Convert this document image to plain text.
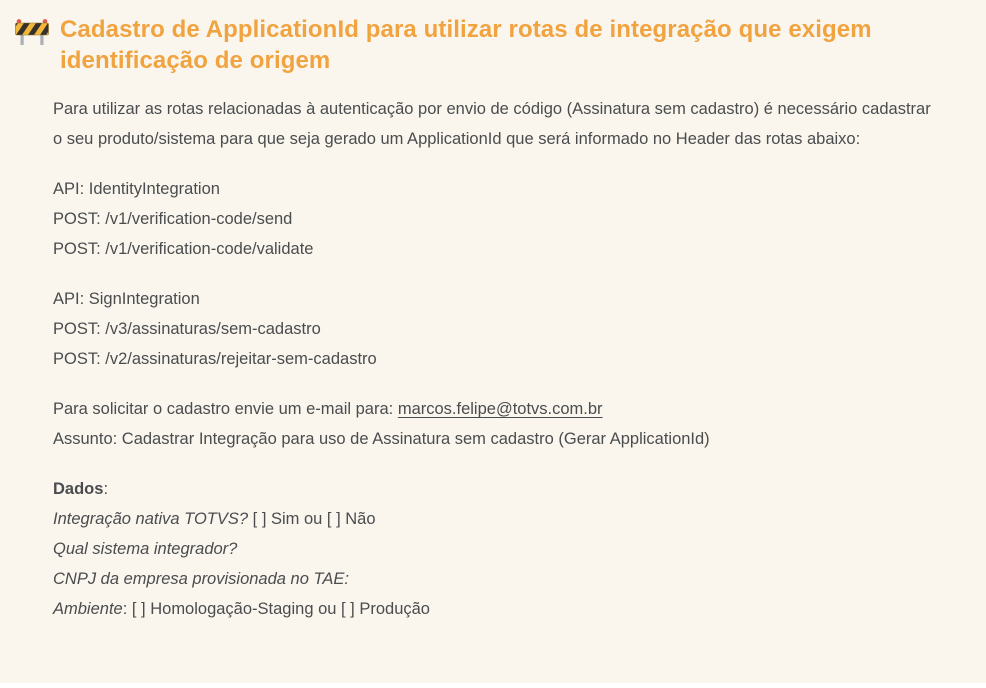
Cadastro de ApplicationId para utilizar rotas de integração que exigem
identificação de origem

Para utilizar as rotas relacionadas à autenticação por envio de código (Assinatura sem cadastro) é necessário cadastrar o seu produto/sistema para que seja gerado um ApplicationId que será informado no Header das rotas abaixo:

API: IdentityIntegration
POST: /v1/verification-code/send
POST: /v1/verification-code/validate
API: SignIntegration
POST: /v3/assinaturas/sem-cadastro
POST: /v2/assinaturas/rejeitar-sem-cadastro
Para solicitar o cadastro envie um e-mail para: marcos.felipe@totvs.com.br
Assunto: Cadastrar Integração para uso de Assinatura sem cadastro (Gerar ApplicationId)
Dados:
Integração nativa TOTVS? [ ] Sim ou [ ] Não
Qual sistema integrador?
CNPJ da empresa provisionada no TAE:
Ambiente: [ ] Homologação-Staging ou [ ] Produção
